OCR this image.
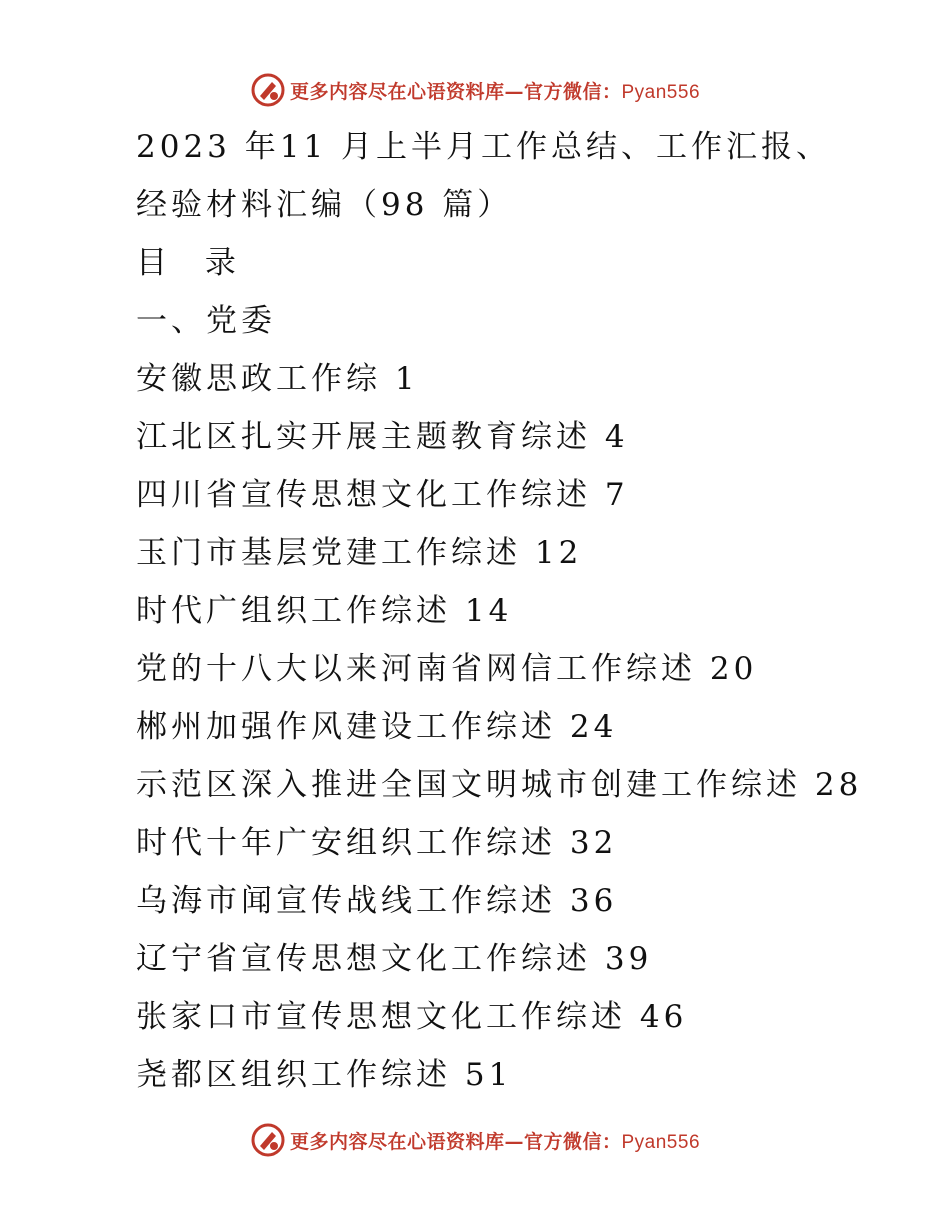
更多内容尽在心语资料库—官方微信：Pyan556
2023 年11 月上半月工作总结、工作汇报、
经验材料汇编（98 篇）
目 录
一、党委
安徽思政工作综 1
江北区扎实开展主题教育综述 4
四川省宣传思想文化工作综述 7
玉门市基层党建工作综述 12
时代广组织工作综述 14
党的十八大以来河南省网信工作综述 20
郴州加强作风建设工作综述 24
示范区深入推进全国文明城市创建工作综述 28
时代十年广安组织工作综述 32
乌海市闻宣传战线工作综述 36
辽宁省宣传思想文化工作综述 39
张家口市宣传思想文化工作综述 46
尧都区组织工作综述 51
更多内容尽在心语资料库—官方微信：Pyan556
